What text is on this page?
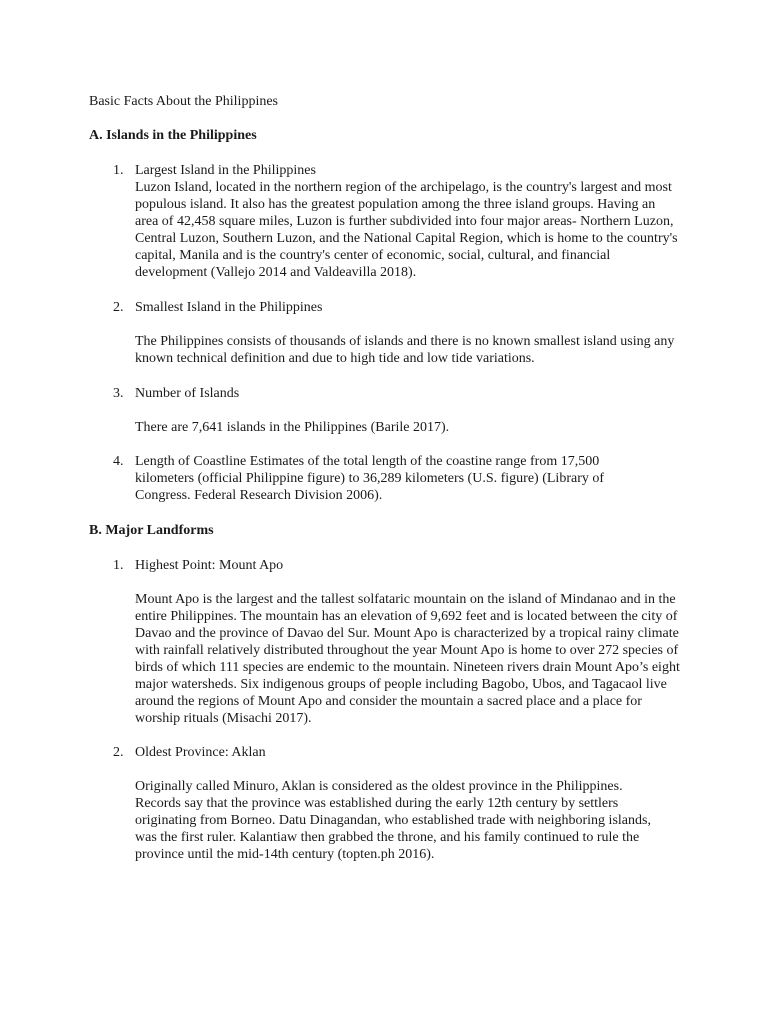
Basic Facts About the Philippines
A. Islands in the Philippines
1. Largest Island in the Philippines

Luzon Island, located in the northern region of the archipelago, is the country's largest and most populous island. It also has the greatest population among the three island groups. Having an area of 42,458 square miles, Luzon is further subdivided into four major areas- Northern Luzon, Central Luzon, Southern Luzon, and the National Capital Region, which is home to the country's capital, Manila and is the country's center of economic, social, cultural, and financial development (Vallejo 2014 and Valdeavilla 2018).

2. Smallest Island in the Philippines

The Philippines consists of thousands of islands and there is no known smallest island using any known technical definition and due to high tide and low tide variations.

3. Number of Islands

There are 7,641 islands in the Philippines (Barile 2017).

4. Length of Coastline Estimates of the total length of the coastine range from 17,500 kilometers (official Philippine figure) to 36,289 kilometers (U.S. figure) (Library of Congress. Federal Research Division 2006).

B. Major Landforms
1. Highest Point: Mount Apo

Mount Apo is the largest and the tallest solfataric mountain on the island of Mindanao and in the entire Philippines. The mountain has an elevation of 9,692 feet and is located between the city of Davao and the province of Davao del Sur. Mount Apo is characterized by a tropical rainy climate with rainfall relatively distributed throughout the year Mount Apo is home to over 272 species of birds of which 111 species are endemic to the mountain. Nineteen rivers drain Mount Apo’s eight major watersheds. Six indigenous groups of people including Bagobo, Ubos, and Tagacaol live around the regions of Mount Apo and consider the mountain a sacred place and a place for worship rituals (Misachi 2017).

2. Oldest Province: Aklan

Originally called Minuro, Aklan is considered as the oldest province in the Philippines. Records say that the province was established during the early 12th century by settlers originating from Borneo. Datu Dinagandan, who established trade with neighboring islands, was the first ruler. Kalantiaw then grabbed the throne, and his family continued to rule the province until the mid-14th century (topten.ph 2016).
